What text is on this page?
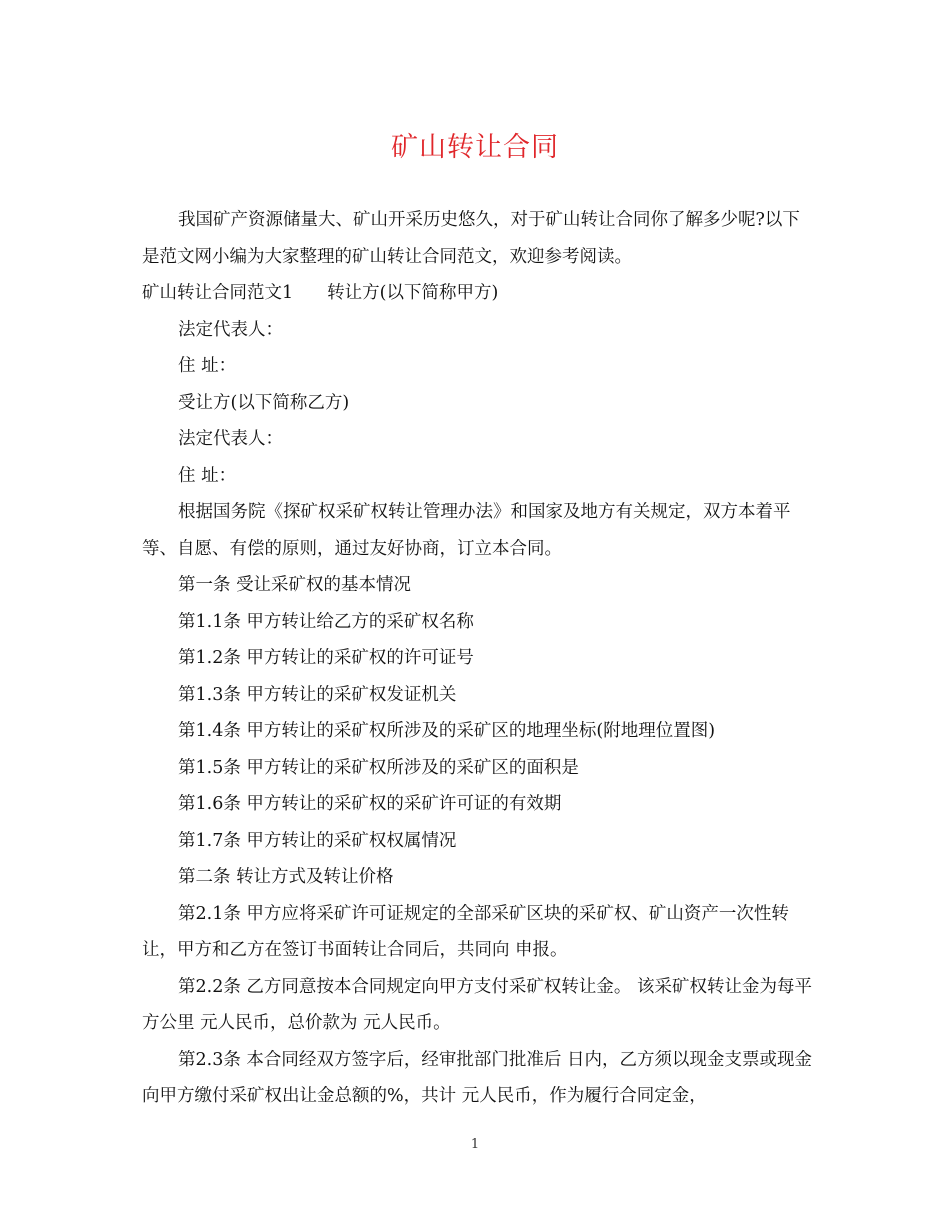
矿山转让合同

我国矿产资源储量大、矿山开采历史悠久，对于矿山转让合同你了解多少呢?以下是范文网小编为大家整理的矿山转让合同范文，欢迎参考阅读。

矿山转让合同范文1 转让方(以下简称甲方)

法定代表人：

住 址：

受让方(以下简称乙方)

法定代表人：

住 址：

根据国务院《探矿权采矿权转让管理办法》和国家及地方有关规定，双方本着平等、自愿、有偿的原则，通过友好协商，订立本合同。

第一条 受让采矿权的基本情况

第1.1条 甲方转让给乙方的采矿权名称

第1.2条 甲方转让的采矿权的许可证号

第1.3条 甲方转让的采矿权发证机关

第1.4条 甲方转让的采矿权所涉及的采矿区的地理坐标(附地理位置图)

第1.5条 甲方转让的采矿权所涉及的采矿区的面积是

第1.6条 甲方转让的采矿权的采矿许可证的有效期

第1.7条 甲方转让的采矿权权属情况

第二条 转让方式及转让价格

第2.1条 甲方应将采矿许可证规定的全部采矿区块的采矿权、矿山资产一次性转让，甲方和乙方在签订书面转让合同后，共同向 申报。

第2.2条 乙方同意按本合同规定向甲方支付采矿权转让金。 该采矿权转让金为每平方公里 元人民币，总价款为 元人民币。

第2.3条 本合同经双方签字后，经审批部门批准后 日内，乙方须以现金支票或现金向甲方缴付采矿权出让金总额的%，共计 元人民币，作为履行合同定金，

1
